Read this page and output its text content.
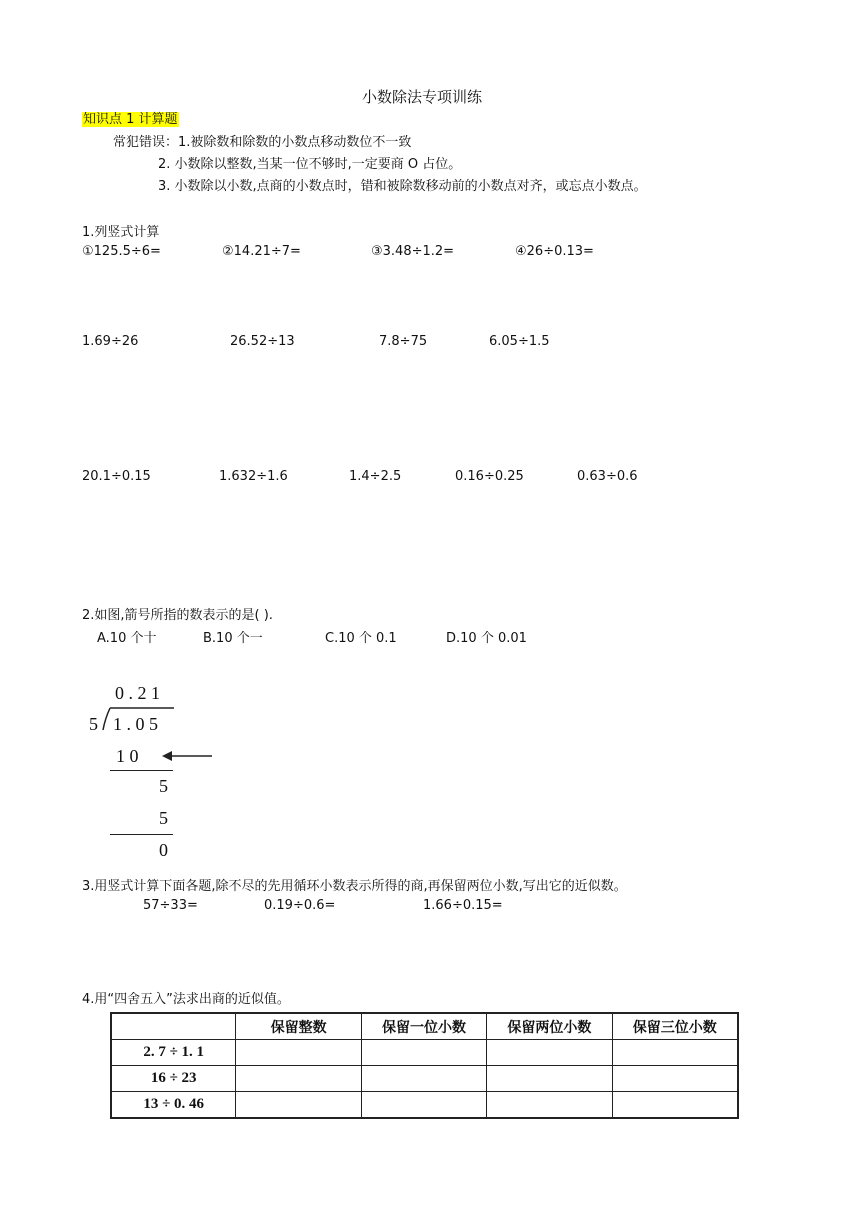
小数除法专项训练
知识点 1 计算题
常犯错误：1.被除数和除数的小数点移动数位不一致
2. 小数除以整数,当某一位不够时,一定要商 O 占位。
3. 小数除以小数,点商的小数点时，错和被除数移动前的小数点对齐，或忘点小数点。
1.列竖式计算
①125.5÷6=	②14.21÷7=	③3.48÷1.2=	④26÷0.13=
1.69÷26	26.52÷13	7.8÷75	6.05÷1.5
20.1÷0.15	1.632÷1.6	1.4÷2.5	0.16÷0.25	0.63÷0.6
2.如图,箭号所指的数表示的是( ).
A.10 个十	B.10 个一	C.10 个 0.1	D.10 个 0.01
0 . 2 1
5 1 . 0 5
1 0
5
5
0
3.用竖式计算下面各题,除不尽的先用循环小数表示所得的商,再保留两位小数,写出它的近似数。
57÷33=	0.19÷0.6=	1.66÷0.15=
4.用“四舍五入”法求出商的近似值。
	保留整数	保留一位小数	保留两位小数	保留三位小数
2. 7 ÷ 1. 1				
16 ÷ 23				
13 ÷ 0. 46				
